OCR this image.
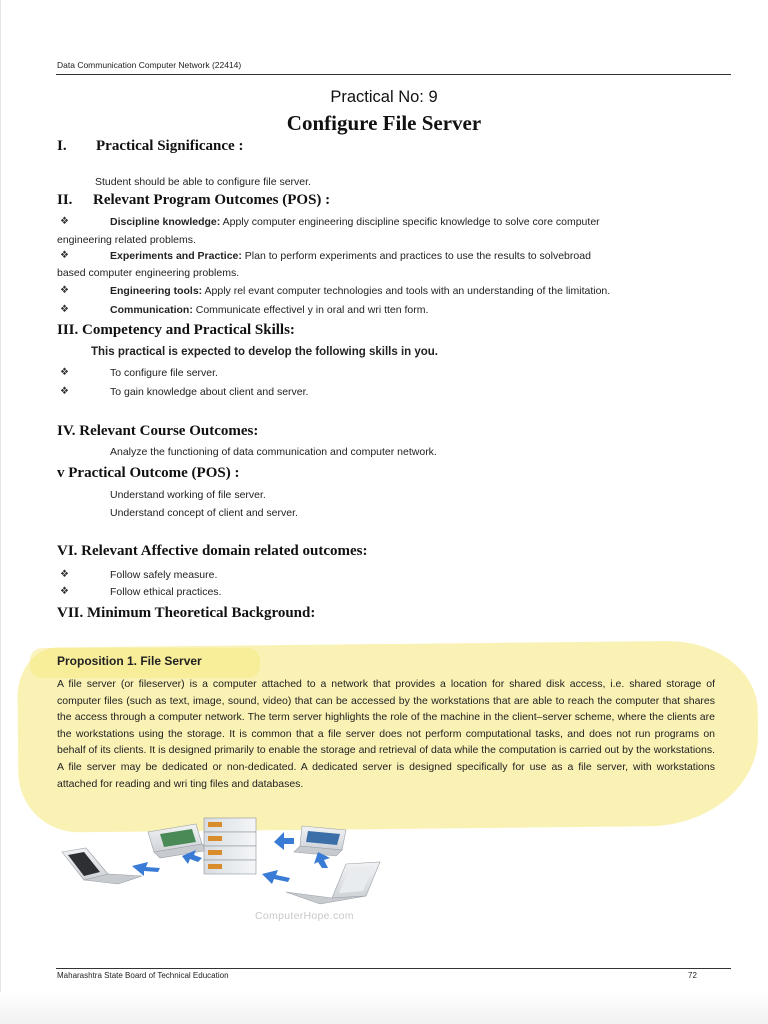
Data Communication Computer Network (22414)
Practical No: 9
Configure File Server
I. Practical Significance :
Student should be able to configure file server.
II. Relevant Program Outcomes (POS) :
❖	Discipline knowledge: Apply computer engineering discipline specific knowledge to solve core computer
engineering related problems.
❖	Experiments and Practice: Plan to perform experiments and practices to use the results to solvebroad
based computer engineering problems.
❖	Engineering tools: Apply rel evant computer technologies and tools with an understanding of the limitation.
❖	Communication: Communicate effectivel y in oral and wri tten form.
III. Competency and Practical Skills:
This practical is expected to develop the following skills in you.
❖	To configure file server.
❖	To gain knowledge about client and server.
IV. Relevant Course Outcomes:
Analyze the functioning of data communication and computer network.
v Practical Outcome (POS) :
Understand working of file server.
Understand concept of client and server.
VI. Relevant Affective domain related outcomes:
❖	Follow safely measure.
❖	Follow ethical practices.
VII. Minimum Theoretical Background:
Proposition 1. File Server
A file server (or fileserver) is a computer attached to a network that provides a location for shared disk access, i.e. shared storage of computer files (such as text, image, sound, video) that can be accessed by the workstations that are able to reach the computer that shares the access through a computer network. The term server highlights the role of the machine in the client–server scheme, where the clients are the workstations using the storage. It is common that a file server does not perform computational tasks, and does not run programs on behalf of its clients. It is designed primarily to enable the storage and retrieval of data while the computation is carried out by the workstations. A file server may be dedicated or non-dedicated. A dedicated server is designed specifically for use as a file server, with workstations attached for reading and wri ting files and databases.
ComputerHope.com
Maharashtra State Board of Technical Education	72
